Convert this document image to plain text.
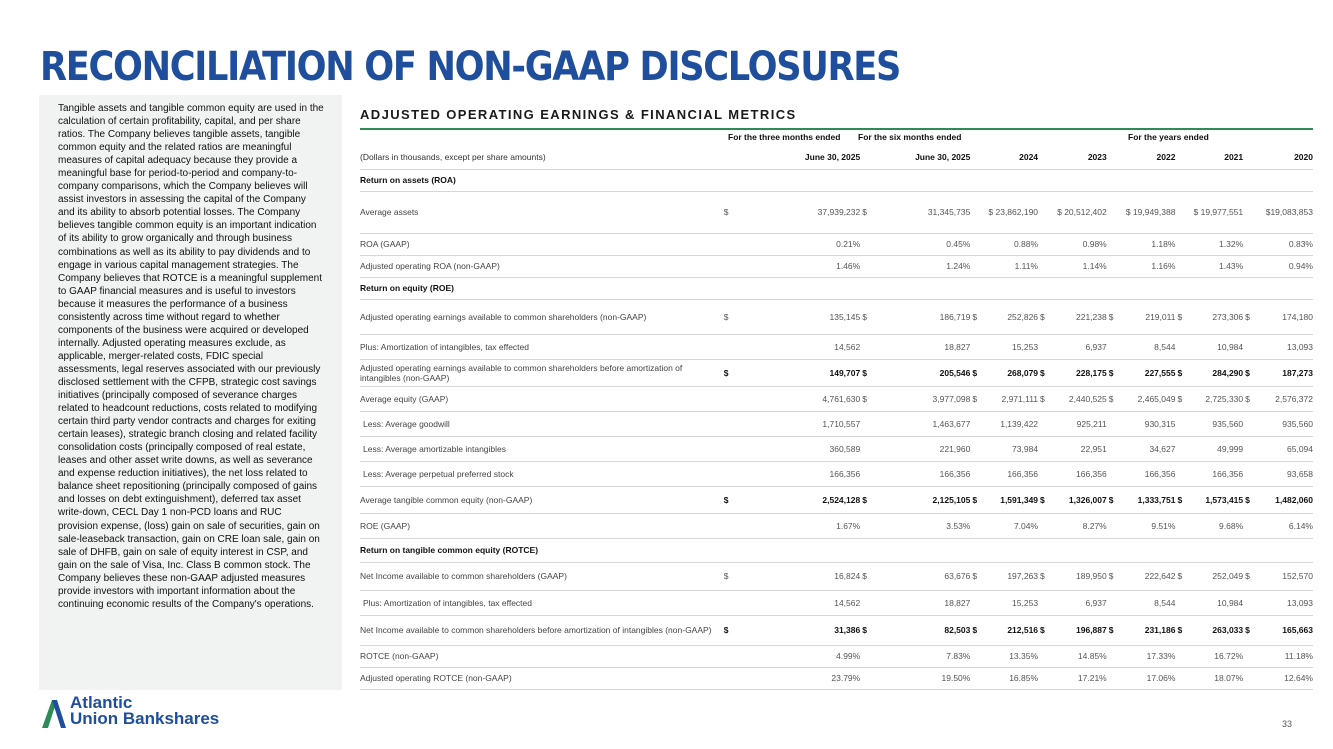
RECONCILIATION OF NON-GAAP DISCLOSURES

Tangible assets and tangible common equity are used in the calculation of certain profitability, capital, and per share ratios. The Company believes tangible assets, tangible common equity and the related ratios are meaningful measures of capital adequacy because they provide a meaningful base for period-to-period and company-to-company comparisons, which the Company believes will assist investors in assessing the capital of the Company and its ability to absorb potential losses. The Company believes tangible common equity is an important indication of its ability to grow organically and through business combinations as well as its ability to pay dividends and to engage in various capital management strategies. The Company believes that ROTCE is a meaningful supplement to GAAP financial measures and is useful to investors because it measures the performance of a business consistently across time without regard to whether components of the business were acquired or developed internally. Adjusted operating measures exclude, as applicable, merger-related costs, FDIC special assessments, legal reserves associated with our previously disclosed settlement with the CFPB, strategic cost savings initiatives (principally composed of severance charges related to headcount reductions, costs related to modifying certain third party vendor contracts and charges for exiting certain leases), strategic branch closing and related facility consolidation costs (principally composed of real estate, leases and other asset write downs, as well as severance and expense reduction initiatives), the net loss related to balance sheet repositioning (principally composed of gains and losses on debt extinguishment), deferred tax asset write-down, CECL Day 1 non-PCD loans and RUC provision expense, (loss) gain on sale of securities, gain on sale-leaseback transaction, gain on CRE loan sale, gain on sale of DHFB, gain on sale of equity interest in CSP, and gain on the sale of Visa, Inc. Class B common stock. The Company believes these non-GAAP adjusted measures provide investors with important information about the continuing economic results of the Company's operations.

ADJUSTED OPERATING EARNINGS & FINANCIAL METRICS
For the three months ended For the six months ended	For the years ended
(Dollars in thousands, except per share amounts)		June 30, 2025		June 30, 2025		2024		2023		2022		2021		2020
Return on assets (ROA)														
Average assets	$	37,939,232	$	31,345,735		$ 23,862,190		$ 20,512,402		$ 19,949,388		$ 19,977,551		$19,083,853
ROA (GAAP)		0.21%		0.45%		0.88%		0.98%		1.18%		1.32%		0.83%
Adjusted operating ROA (non-GAAP)		1.46%		1.24%		1.11%		1.14%		1.16%		1.43%		0.94%
Return on equity (ROE)														
Adjusted operating earnings available to common shareholders (non-GAAP)	$	135,145	$	186,719	$	252,826	$	221,238	$	219,011	$	273,306	$	174,180
Plus: Amortization of intangibles, tax effected		14,562		18,827		15,253		6,937		8,544		10,984		13,093
Adjusted operating earnings available to common shareholders before amortization of intangibles (non-GAAP)	$	149,707	$	205,546	$	268,079	$	228,175	$	227,555	$	284,290	$	187,273
Average equity (GAAP)		4,761,630	$	3,977,098	$	2,971,111	$	2,440,525	$	2,465,049	$	2,725,330	$	2,576,372
Less: Average goodwill		1,710,557		1,463,677		1,139,422		925,211		930,315		935,560		935,560
Less: Average amortizable intangibles		360,589		221,960		73,984		22,951		34,627		49,999		65,094
Less: Average perpetual preferred stock		166,356		166,356		166,356		166,356		166,356		166,356		93,658
Average tangible common equity (non-GAAP)	$	2,524,128	$	2,125,105	$	1,591,349	$	1,326,007	$	1,333,751	$	1,573,415	$	1,482,060
ROE (GAAP)		1.67%		3.53%		7.04%		8.27%		9.51%		9.68%		6.14%
Return on tangible common equity (ROTCE)														
Net Income available to common shareholders (GAAP)	$	16,824	$	63,676	$	197,263	$	189,950	$	222,642	$	252,049	$	152,570
Plus: Amortization of intangibles, tax effected		14,562		18,827		15,253		6,937		8,544		10,984		13,093
Net Income available to common shareholders before amortization of intangibles (non-GAAP)	$	31,386	$	82,503	$	212,516	$	196,887	$	231,186	$	263,033	$	165,663
ROTCE (non-GAAP)		4.99%		7.83%		13.35%		14.85%		17.33%		16.72%		11.18%
Adjusted operating ROTCE (non-GAAP)		23.79%		19.50%		16.85%		17.21%		17.06%		18.07%		12.64%
Atlantic
Union Bankshares	33
